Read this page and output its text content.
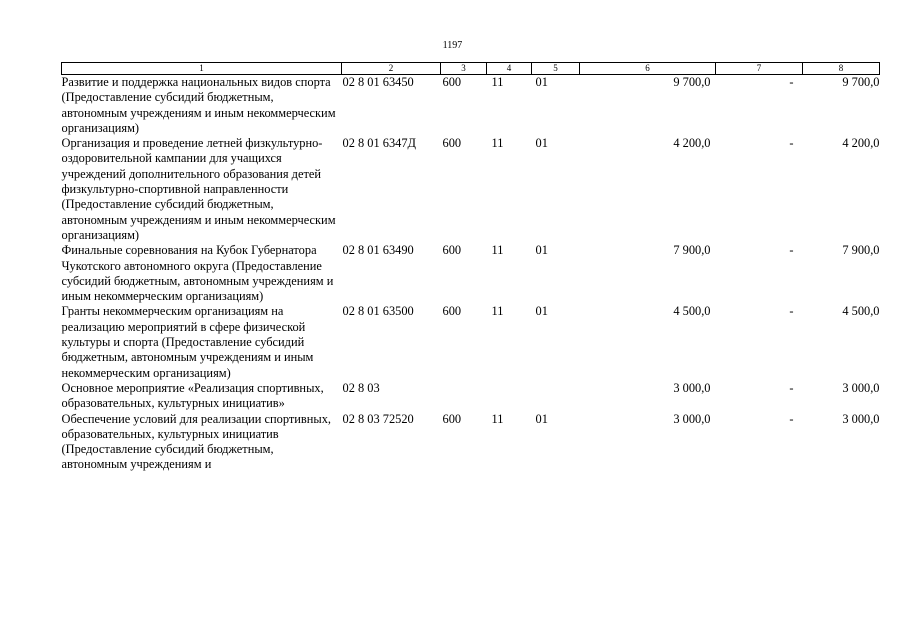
1197
1	2	3	4	5	6	7	8
Развитие и поддержка национальных видов спорта (Предоставление субсидий бюджетным, автономным учреждениям и иным некоммерческим организациям)	02 8 01 63450	600	11	01	9 700,0	-	9 700,0
Организация и проведение летней физкультурно-оздоровительной кампании для учащихся учреждений дополнительного образования детей физкультурно-спортивной направленности (Предоставление субсидий бюджетным, автономным учреждениям и иным некоммерческим организациям)	02 8 01 6347Д	600	11	01	4 200,0	-	4 200,0
Финальные соревнования на Кубок Губернатора Чукотского автономного округа (Предоставление субсидий бюджетным, автономным учреждениям и иным некоммерческим организациям)	02 8 01 63490	600	11	01	7 900,0	-	7 900,0
Гранты некоммерческим организациям на реализацию мероприятий в сфере физической культуры и спорта (Предоставление субсидий бюджетным, автономным учреждениям и иным некоммерческим организациям)	02 8 01 63500	600	11	01	4 500,0	-	4 500,0
Основное мероприятие «Реализация спортивных, образовательных, культурных инициатив»	02 8 03				3 000,0	-	3 000,0
Обеспечение условий для реализации спортивных, образовательных, культурных инициатив (Предоставление субсидий бюджетным, автономным учреждениям и	02 8 03 72520	600	11	01	3 000,0	-	3 000,0
